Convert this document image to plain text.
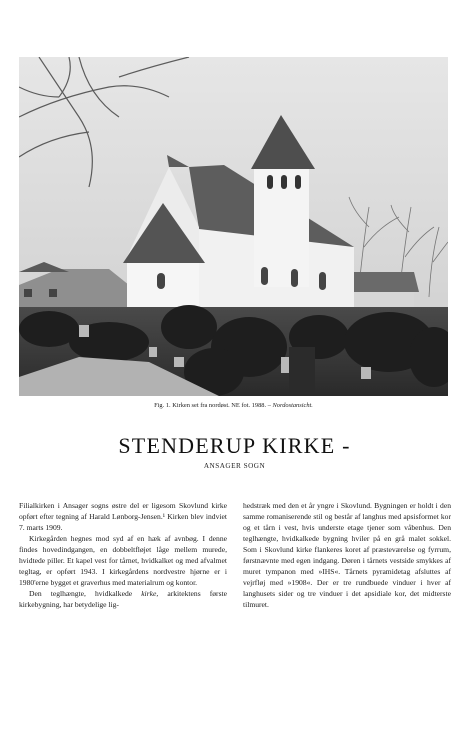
Fig. 1. Kirken set fra nordøst. NE fot. 1988. – Nordostansicht.
STENDERUP KIRKE -
ANSAGER SOGN

Filialkirken i Ansager sogns østre del er ligesom Skovlund kirke opført efter tegning af Harald Lønborg-Jensen.¹ Kirken blev indviet 7. marts 1909.

Kirkegården hegnes mod syd af en hæk af avnbøg. I denne findes hovedindgangen, en dobbeltfløjet låge mellem murede, hvidtede piller. Et kapel vest for tårnet, hvidkalket og med afvalmet tegltag, er opført 1943. I kirkegårdens nordvestre hjørne er i 1980'erne bygget et graverhus med materialrum og kontor.

Den teglhængte, hvidkalkede kirke, arkitektens første kirkebygning, har betydelige lig-

hedstræk med den et år yngre i Skovlund. Bygningen er holdt i den samme romaniserende stil og består af langhus med apsisformet kor og et tårn i vest, hvis underste etage tjener som våbenhus. Den teglhængte, hvidkalkede bygning hviler på en grå malet sokkel. Som i Skovlund kirke flankeres koret af præsteværelse og fyrrum, førstnævnte med egen indgang. Døren i tårnets vestside smykkes af muret tympanon med »IHS«. Tårnets pyramidetag afsluttes af vejrfløj med »1908«. Der er tre rundbuede vinduer i hver af langhusets sider og tre vinduer i det apsidiale kor, det midterste tilmuret.
